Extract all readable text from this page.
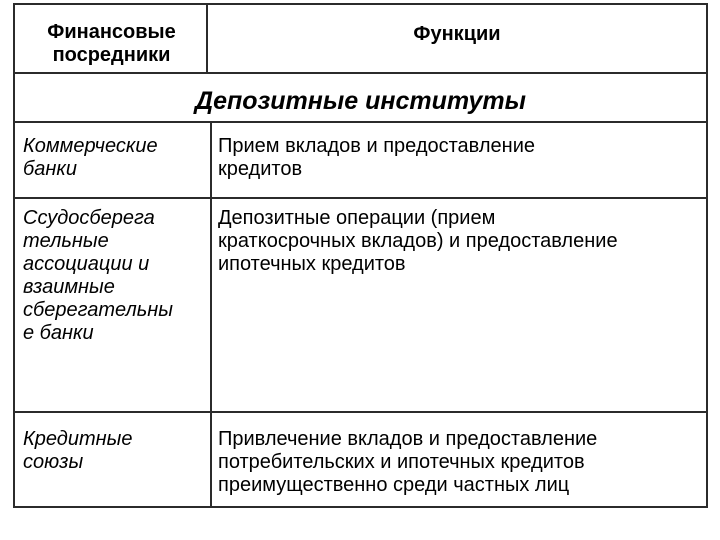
Финансовые
посредники
Функции
Депозитные институты
Коммерческие
банки
Прием вкладов и предоставление
кредитов
Ссудосберега
тельные
ассоциации и
взаимные
сберегательны
е банки
Депозитные операции (прием
краткосрочных вкладов) и предоставление
ипотечных кредитов
Кредитные
союзы
Привлечение вкладов и предоставление
потребительских и ипотечных кредитов
преимущественно среди частных лиц
